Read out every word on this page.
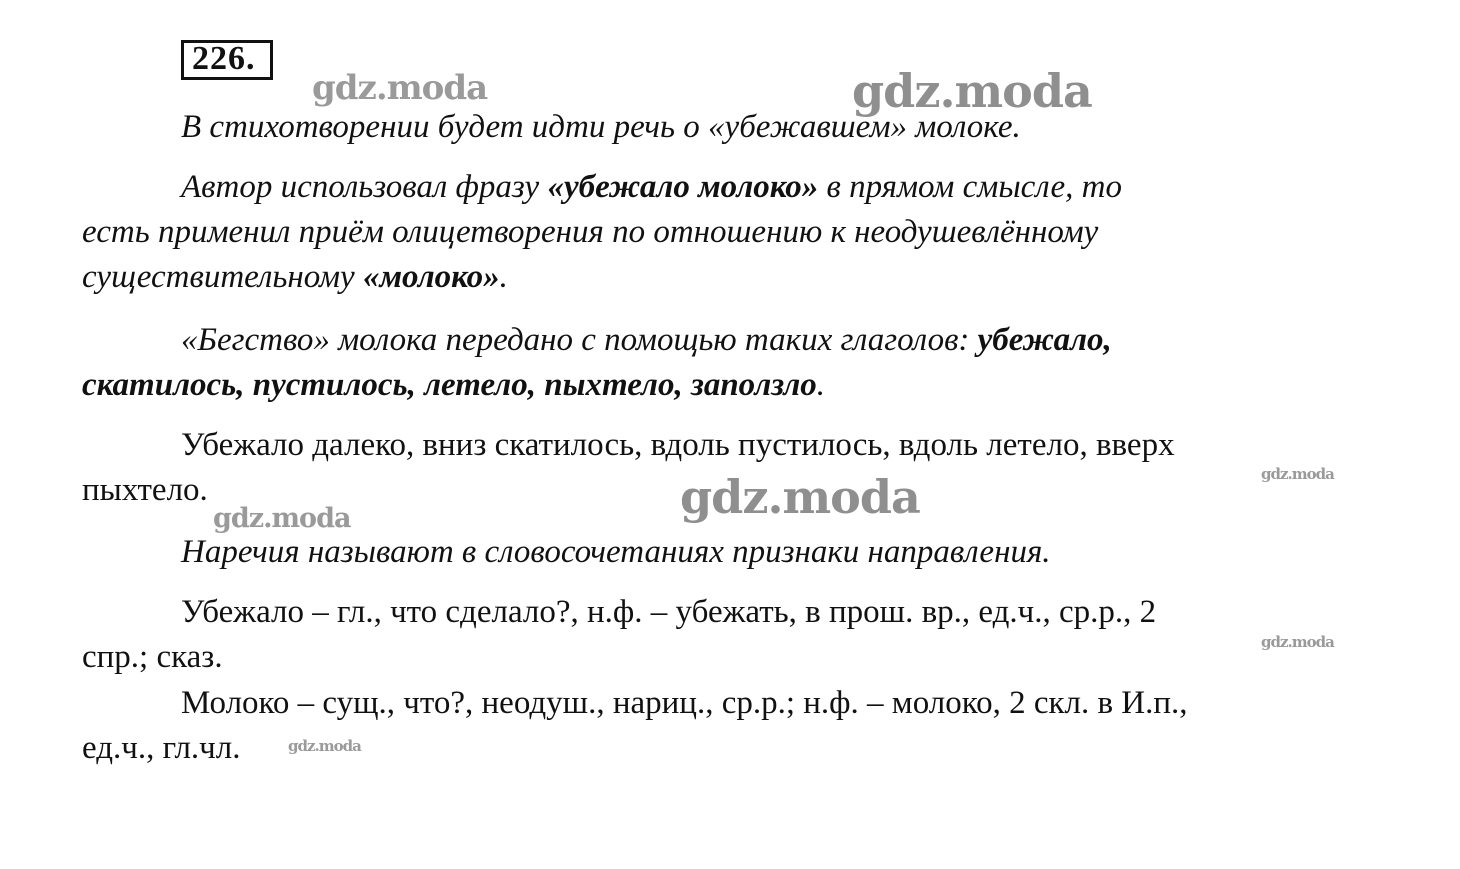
226.
В стихотворении будет идти речь о «убежавшем» молоке.
Автор использовал фразу «убежало молоко» в прямом смысле, то
есть применил приём олицетворения по отношению к неодушевлённому
существительному «молоко».
«Бегство» молока передано с помощью таких глаголов: убежало,
скатилось, пустилось, летело, пыхтело, заползло.
Убежало далеко, вниз скатилось, вдоль пустилось, вдоль летело, вверх
пыхтело.
Наречия называют в словосочетаниях признаки направления.
Убежало – гл., что сделало?, н.ф. – убежать, в прош. вр., ед.ч., ср.р., 2
спр.; сказ.
Молоко – сущ., что?, неодуш., нариц., ср.р.; н.ф. – молоко, 2 скл. в И.п.,
ед.ч., гл.чл.
gdz.moda	gdz.moda
gdz.moda
gdz.moda
gdz.moda
gdz.moda
gdz.moda
